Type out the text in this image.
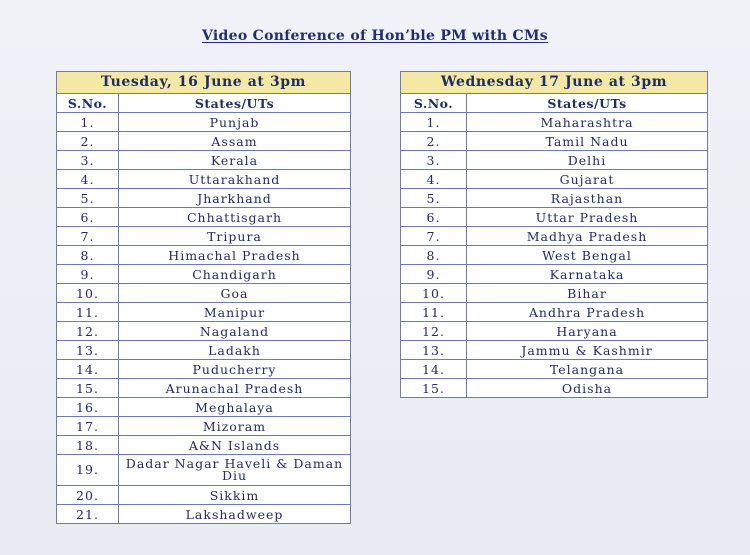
Video Conference of Hon’ble PM with CMs
Tuesday, 16 June at 3pm	
S.No.	States/UTs
1.	Punjab
2.	Assam
3.	Kerala
4.	Uttarakhand
5.	Jharkhand
6.	Chhattisgarh
7.	Tripura
8.	Himachal Pradesh
9.	Chandigarh
10.	Goa
11.	Manipur
12.	Nagaland
13.	Ladakh
14.	Puducherry
15.	Arunachal Pradesh
16.	Meghalaya
17.	Mizoram
18.	A&N Islands
19.	Dadar Nagar Haveli & Daman Diu
20.	Sikkim
21.	Lakshadweep
Wednesday 17 June at 3pm	
S.No.	States/UTs
1.	Maharashtra
2.	Tamil Nadu
3.	Delhi
4.	Gujarat
5.	Rajasthan
6.	Uttar Pradesh
7.	Madhya Pradesh
8.	West Bengal
9.	Karnataka
10.	Bihar
11.	Andhra Pradesh
12.	Haryana
13.	Jammu & Kashmir
14.	Telangana
15.	Odisha
